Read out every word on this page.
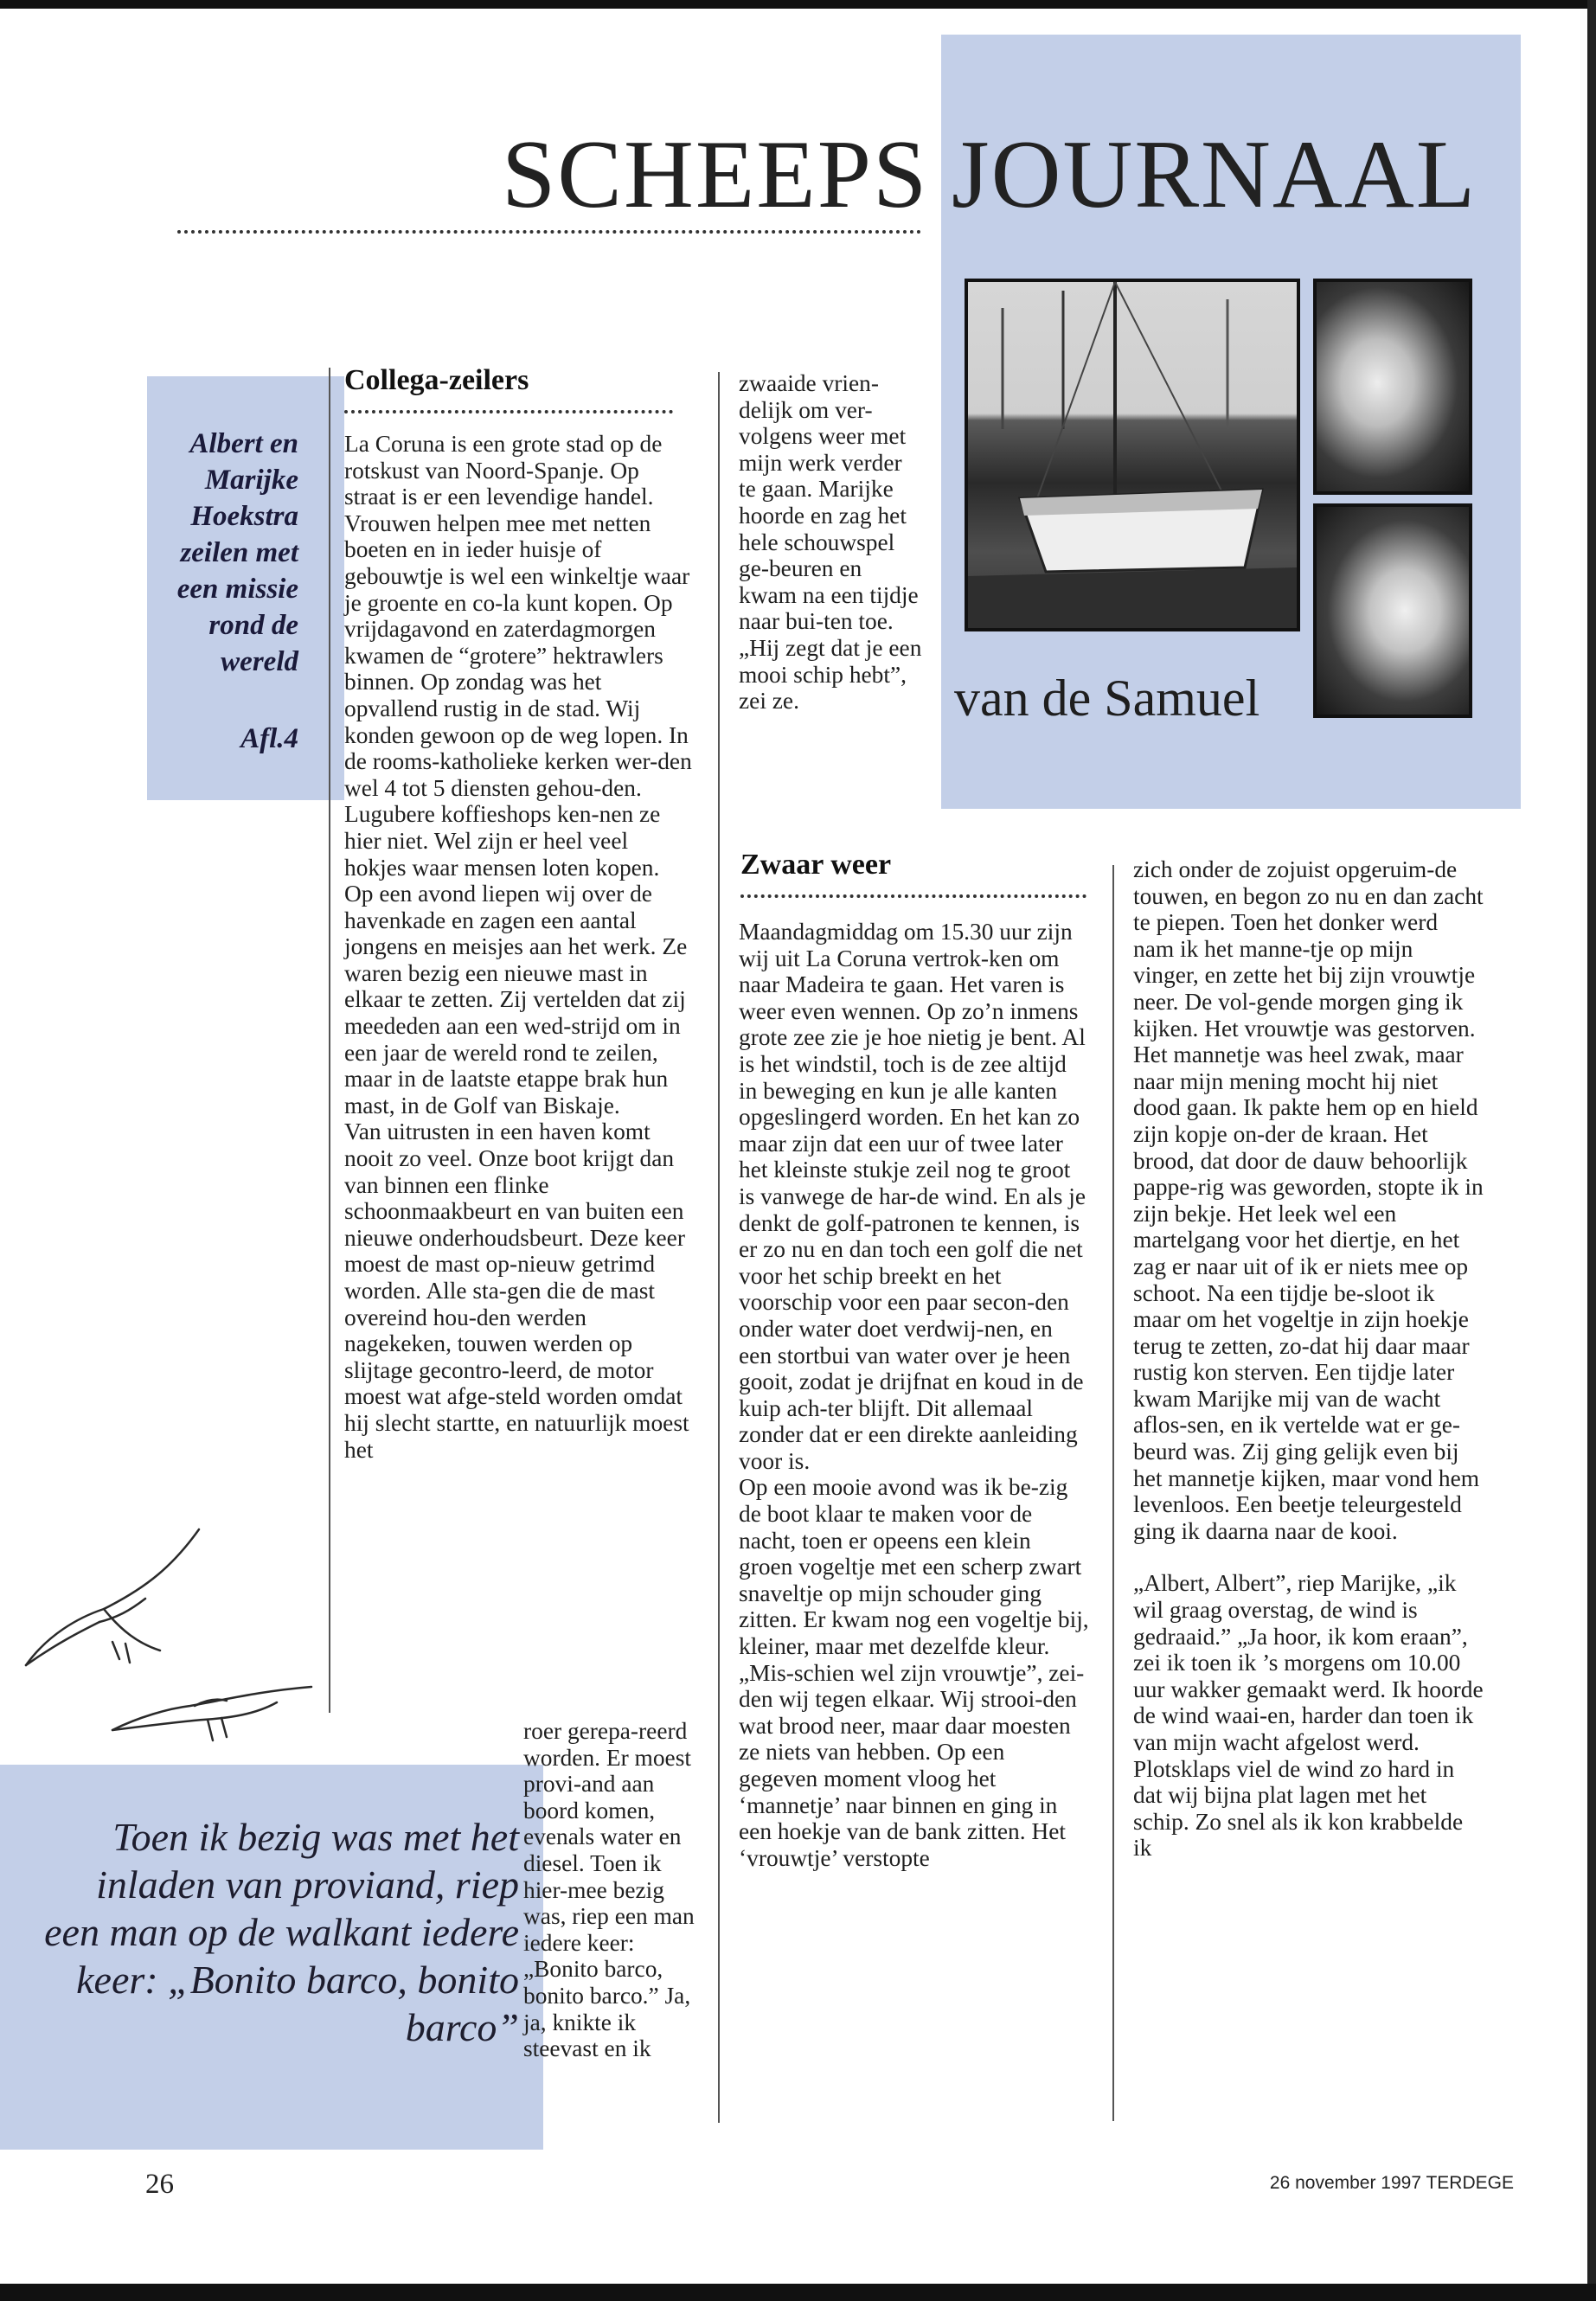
SCHEEPS JOURNAAL
Albert en Marijke Hoekstra zeilen met een missie rond de wereld
Afl.4
van de Samuel
Collega-zeilers

La Coruna is een grote stad op de rotskust van Noord-Spanje. Op straat is er een levendige handel. Vrouwen helpen mee met netten boeten en in ieder huisje of gebouwtje is wel een winkeltje waar je groente en co-la kunt kopen. Op vrijdagavond en zaterdagmorgen kwamen de “grotere” hektrawlers binnen. Op zondag was het opvallend rustig in de stad. Wij konden gewoon op de weg lopen. In de rooms-katholieke kerken wer-den wel 4 tot 5 diensten gehou-den. Lugubere koffieshops ken-nen ze hier niet. Wel zijn er heel veel hokjes waar mensen loten kopen.

Op een avond liepen wij over de havenkade en zagen een aantal jongens en meisjes aan het werk. Ze waren bezig een nieuwe mast in elkaar te zetten. Zij vertelden dat zij meededen aan een wed-strijd om in een jaar de wereld rond te zeilen, maar in de laatste etappe brak hun mast, in de Golf van Biskaje.

Van uitrusten in een haven komt nooit zo veel. Onze boot krijgt dan van binnen een flinke schoonmaakbeurt en van buiten een nieuwe onderhoudsbeurt. Deze keer moest de mast op-nieuw getrimd worden. Alle sta-gen die de mast overeind hou-den werden nagekeken, touwen werden op slijtage gecontro-leerd, de motor moest wat afge-steld worden omdat hij slecht startte, en natuurlijk moest het

roer gerepa-reerd worden. Er moest provi-and aan boord komen, evenals water en diesel. Toen ik hier-mee bezig was, riep een man iedere keer: „Bonito barco, bonito barco.” Ja, ja, knikte ik steevast en ik

zwaaide vrien-delijk om ver-volgens weer met mijn werk verder te gaan. Marijke hoorde en zag het hele schouwspel ge-beuren en kwam na een tijdje naar bui-ten toe. „Hij zegt dat je een mooi schip hebt”, zei ze.

Zwaar weer

Maandagmiddag om 15.30 uur zijn wij uit La Coruna vertrok-ken om naar Madeira te gaan. Het varen is weer even wennen. Op zo’n inmens grote zee zie je hoe nietig je bent. Al is het windstil, toch is de zee altijd in beweging en kun je alle kanten opgeslingerd worden. En het kan zo maar zijn dat een uur of twee later het kleinste stukje zeil nog te groot is vanwege de har-de wind. En als je denkt de golf-patronen te kennen, is er zo nu en dan toch een golf die net voor het schip breekt en het voorschip voor een paar secon-den onder water doet verdwij-nen, en een stortbui van water over je heen gooit, zodat je drijfnat en koud in de kuip ach-ter blijft. Dit allemaal zonder dat er een direkte aanleiding voor is.

Op een mooie avond was ik be-zig de boot klaar te maken voor de nacht, toen er opeens een klein groen vogeltje met een scherp zwart snaveltje op mijn schouder ging zitten. Er kwam nog een vogeltje bij, kleiner, maar met dezelfde kleur. „Mis-schien wel zijn vrouwtje”, zei-den wij tegen elkaar. Wij strooi-den wat brood neer, maar daar moesten ze niets van hebben. Op een gegeven moment vloog het ‘mannetje’ naar binnen en ging in een hoekje van de bank zitten. Het ‘vrouwtje’ verstopte

zich onder de zojuist opgeruim-de touwen, en begon zo nu en dan zacht te piepen. Toen het donker werd nam ik het manne-tje op mijn vinger, en zette het bij zijn vrouwtje neer. De vol-gende morgen ging ik kijken. Het vrouwtje was gestorven. Het mannetje was heel zwak, maar naar mijn mening mocht hij niet dood gaan. Ik pakte hem op en hield zijn kopje on-der de kraan. Het brood, dat door de dauw behoorlijk pappe-rig was geworden, stopte ik in zijn bekje. Het leek wel een martelgang voor het diertje, en het zag er naar uit of ik er niets mee op schoot. Na een tijdje be-sloot ik maar om het vogeltje in zijn hoekje terug te zetten, zo-dat hij daar maar rustig kon sterven. Een tijdje later kwam Marijke mij van de wacht aflos-sen, en ik vertelde wat er ge-beurd was. Zij ging gelijk even bij het mannetje kijken, maar vond hem levenloos. Een beetje teleurgesteld ging ik daarna naar de kooi.

„Albert, Albert”, riep Marijke, „ik wil graag overstag, de wind is gedraaid.” „Ja hoor, ik kom eraan”, zei ik toen ik ’s morgens om 10.00 uur wakker gemaakt werd. Ik hoorde de wind waai-en, harder dan toen ik van mijn wacht afgelost werd. Plotsklaps viel de wind zo hard in dat wij bijna plat lagen met het schip. Zo snel als ik kon krabbelde ik

Toen ik bezig was met het inladen van proviand, riep een man op de walkant iedere keer: „Bonito barco, bonito barco”
26	26 november 1997 TERDEGE
